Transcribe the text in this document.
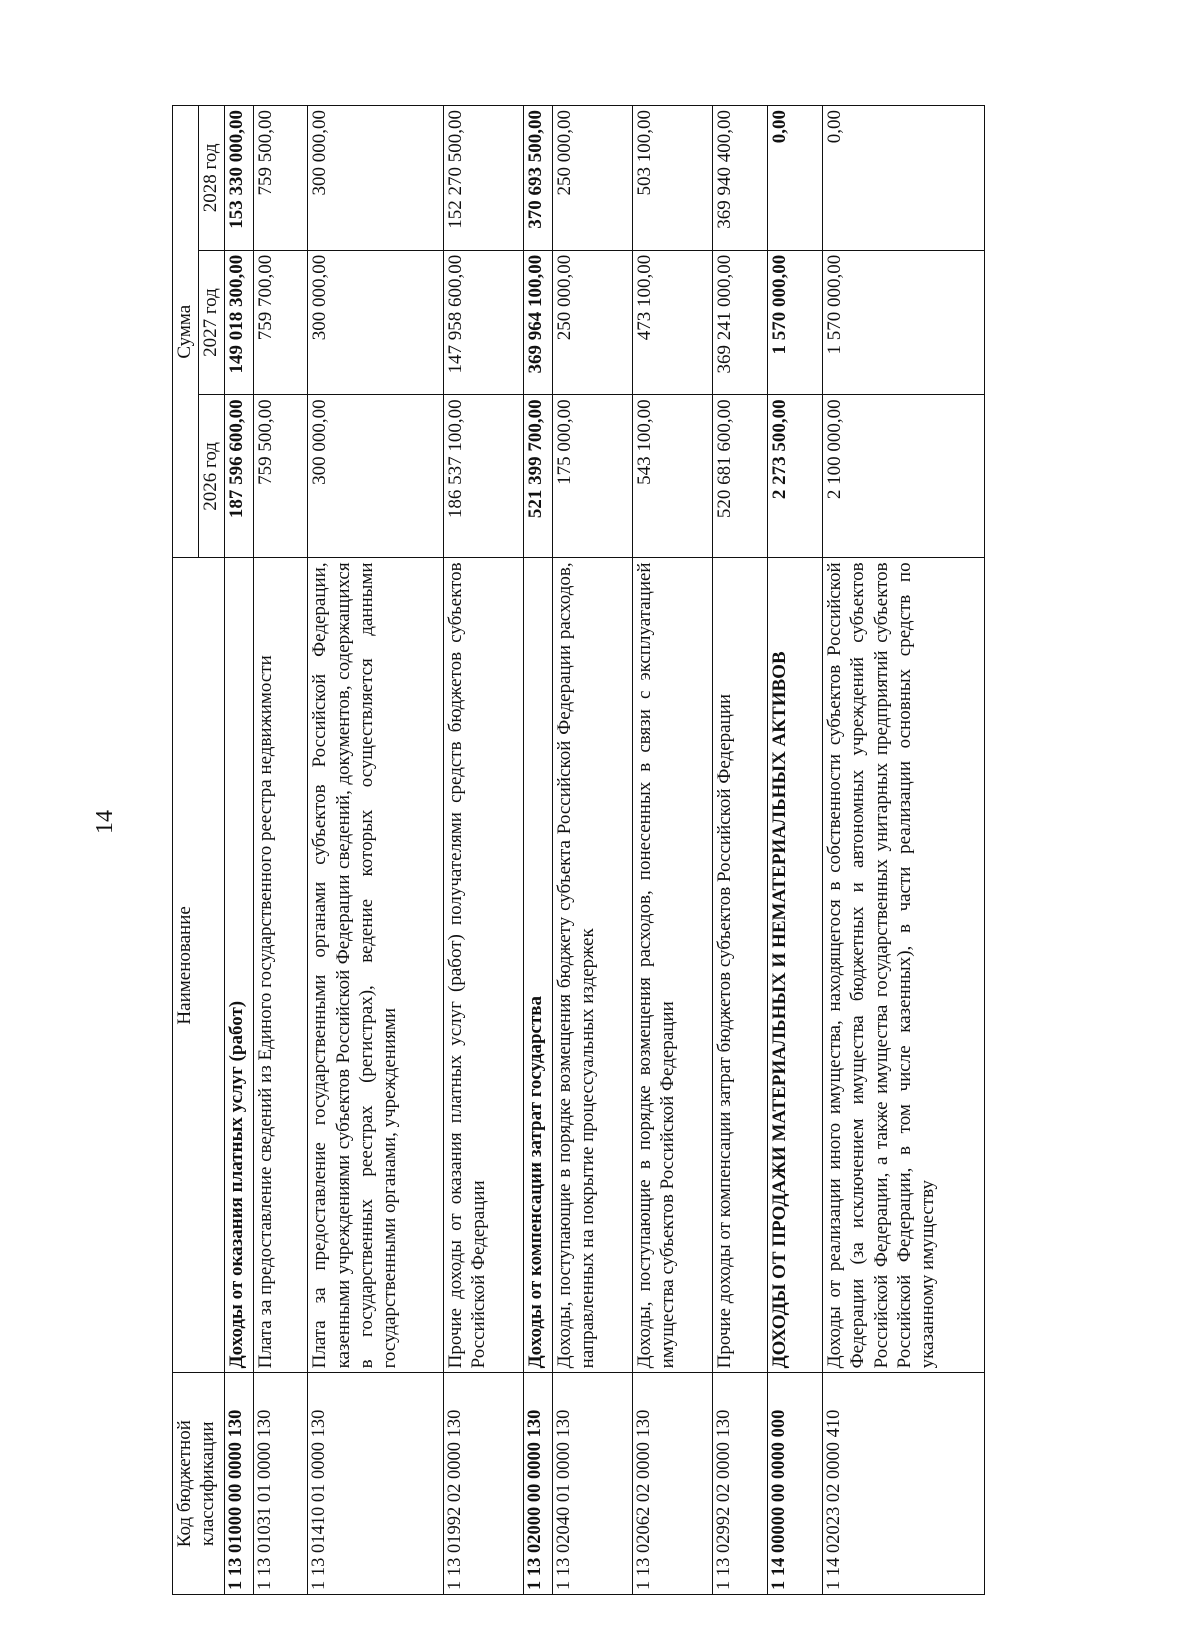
14
Код бюджетной классификации	Наименование	Сумма		
		2026 год	2027 год	2028 год
1 13 01000 00 0000 130	Доходы от оказания платных услуг (работ)	187 596 600,00	149 018 300,00	153 330 000,00
1 13 01031 01 0000 130	Плата за предоставление сведений из Единого государственного реестра недвижимости	759 500,00	759 700,00	759 500,00
1 13 01410 01 0000 130	Плата за предоставление государственными органами субъектов Российской Федерации, казенными учреждениями субъектов Российской Федерации сведений, документов, содержащихся в государственных реестрах (регистрах), ведение которых осуществляется данными государственными органами, учреждениями	300 000,00	300 000,00	300 000,00
1 13 01992 02 0000 130	Прочие доходы от оказания платных услуг (работ) получателями средств бюджетов субъектов Российской Федерации	186 537 100,00	147 958 600,00	152 270 500,00
1 13 02000 00 0000 130	Доходы от компенсации затрат государства	521 399 700,00	369 964 100,00	370 693 500,00
1 13 02040 01 0000 130	Доходы, поступающие в порядке возмещения бюджету субъекта Российской Федерации расходов, направленных на покрытие процессуальных издержек	175 000,00	250 000,00	250 000,00
1 13 02062 02 0000 130	Доходы, поступающие в порядке возмещения расходов, понесенных в связи с эксплуатацией имущества субъектов Российской Федерации	543 100,00	473 100,00	503 100,00
1 13 02992 02 0000 130	Прочие доходы от компенсации затрат бюджетов субъектов Российской Федерации	520 681 600,00	369 241 000,00	369 940 400,00
1 14 00000 00 0000 000	ДОХОДЫ ОТ ПРОДАЖИ МАТЕРИАЛЬНЫХ И НЕМАТЕРИАЛЬНЫХ АКТИВОВ	2 273 500,00	1 570 000,00	0,00
1 14 02023 02 0000 410	Доходы от реализации иного имущества, находящегося в собственности субъектов Российской Федерации (за исключением имущества бюджетных и автономных учреждений субъектов Российской Федерации, а также имущества государственных унитарных предприятий субъектов Российской Федерации, в том числе казенных), в части реализации основных средств по указанному имуществу	2 100 000,00	1 570 000,00	0,00
